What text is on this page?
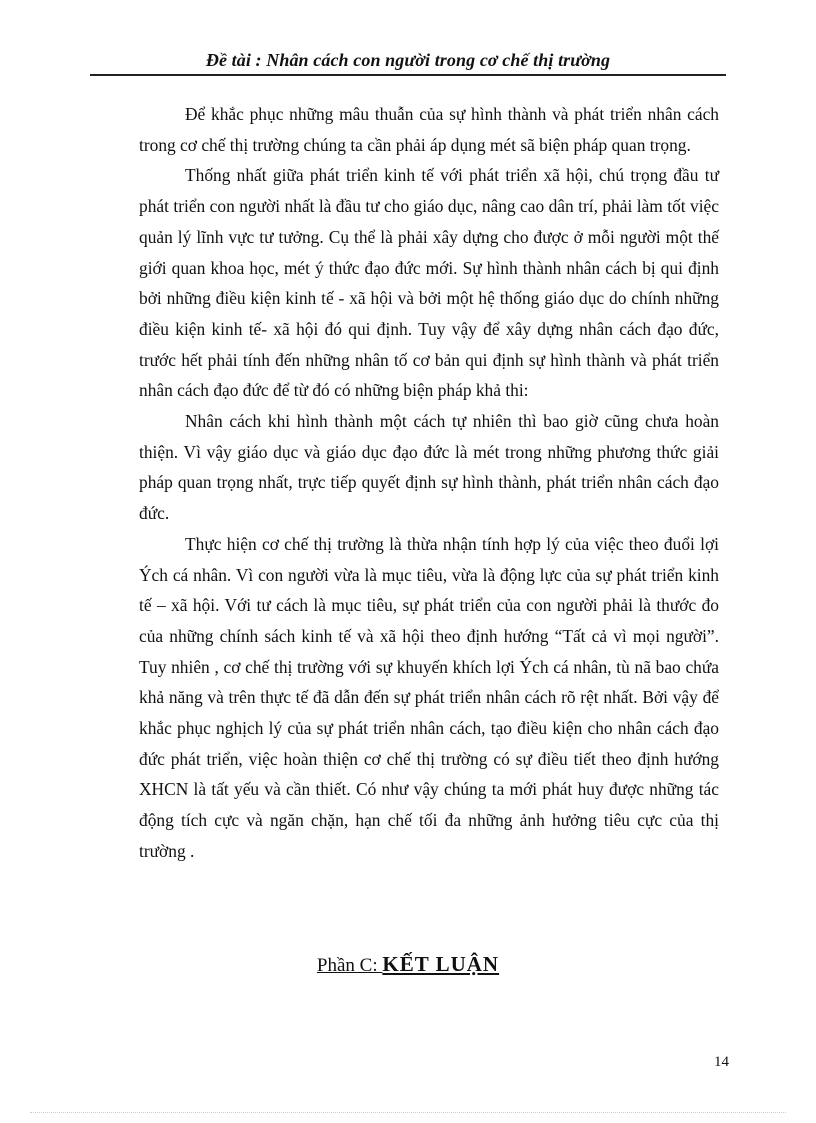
Đề tài : Nhân cách con người trong cơ chế thị trường

Để khắc phục những mâu thuẫn của sự hình thành và phát triển nhân cách trong cơ chế thị trường chúng ta cần phải áp dụng mét sã biện pháp quan trọng.

Thống nhất giữa phát triển kinh tế với phát triển xã hội, chú trọng đầu tư phát triển con người nhất là đầu tư cho giáo dục, nâng cao dân trí, phải làm tốt việc quản lý lĩnh vực tư tưởng. Cụ thể là phải xây dựng cho được ở mỗi người một thế giới quan khoa học, mét ý thức đạo đức mới. Sự hình thành nhân cách bị qui định bởi những điều kiện kinh tế - xã hội và bởi một hệ thống giáo dục do chính những điều kiện kinh tế- xã hội đó qui định. Tuy vậy để xây dựng nhân cách đạo đức, trước hết phải tính đến những nhân tố cơ bản qui định sự hình thành và phát triển nhân cách đạo đức để từ đó có những biện pháp khả thi:

Nhân cách khi hình thành một cách tự nhiên thì bao giờ cũng chưa hoàn thiện. Vì vậy giáo dục và giáo dục đạo đức là mét trong những phương thức giải pháp quan trọng nhất, trực tiếp quyết định sự hình thành, phát triển nhân cách đạo đức.

Thực hiện cơ chế thị trường là thừa nhận tính hợp lý của việc theo đuổi lợi Ých cá nhân. Vì con người vừa là mục tiêu, vừa là động lực của sự phát triển kinh tế – xã hội. Với tư cách là mục tiêu, sự phát triển của con người phải là thước đo của những chính sách kinh tế và xã hội theo định hướng “Tất cả vì mọi người”. Tuy nhiên , cơ chế thị trường với sự khuyến khích lợi Ých cá nhân, tù nã bao chứa khả năng và trên thực tế đã dẫn đến sự phát triển nhân cách rõ rệt nhất. Bởi vậy để khắc phục nghịch lý của sự phát triển nhân cách, tạo điều kiện cho nhân cách đạo đức phát triển, việc hoàn thiện cơ chế thị trường có sự điều tiết theo định hướng XHCN là tất yếu và cần thiết. Có như vậy chúng ta mới phát huy được những tác động tích cực và ngăn chặn, hạn chế tối đa những ảnh hưởng tiêu cực của thị trường .

Phần C: KẾT LUẬN
14
